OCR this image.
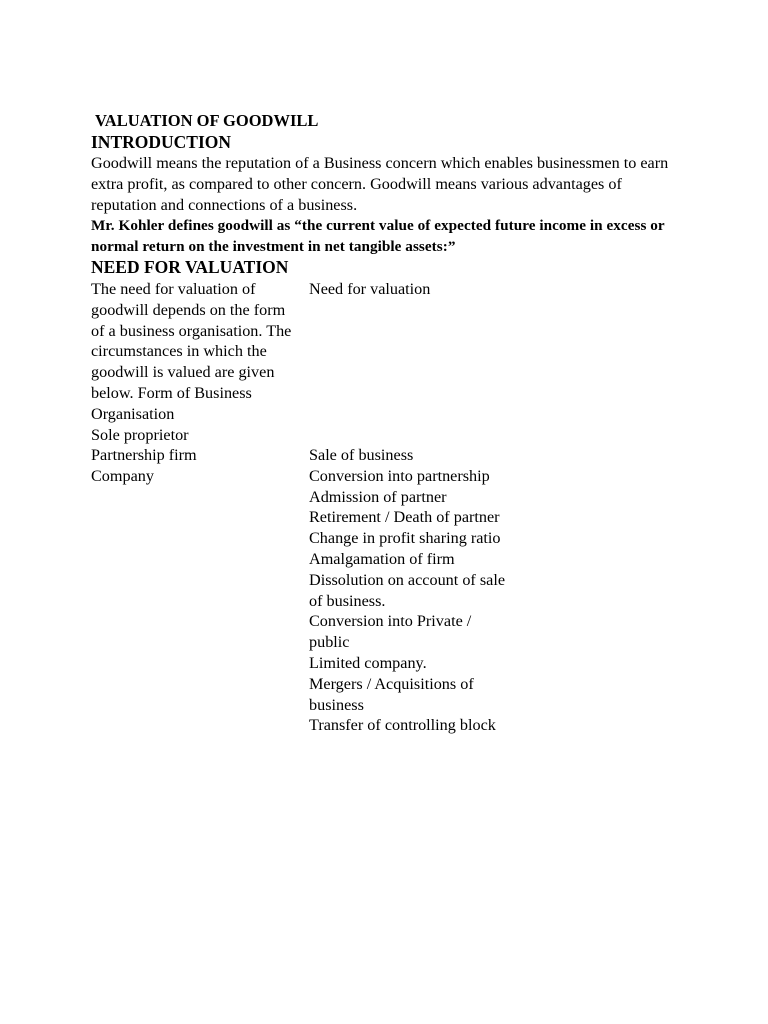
VALUATION OF GOODWILL
INTRODUCTION
Goodwill means the reputation of a Business concern which enables businessmen to earn extra profit, as compared to other concern. Goodwill means various advantages of reputation and connections of a business.
Mr. Kohler defines goodwill as “the current value of expected future income in excess or normal return on the investment in net tangible assets:”
NEED FOR VALUATION
The need for valuation of goodwill depends on the form of a business organisation. The circumstances in which the goodwill is valued are given below. Form of Business Organisation
Sole proprietor
Partnership firm
Company
Need for valuation
Sale of business
Conversion into partnership
Admission of partner
Retirement / Death of partner Change in profit sharing ratio Amalgamation of firm
Dissolution on account of sale of business.
Conversion into Private / public
Limited company.
Mergers / Acquisitions of business
Transfer of controlling block
